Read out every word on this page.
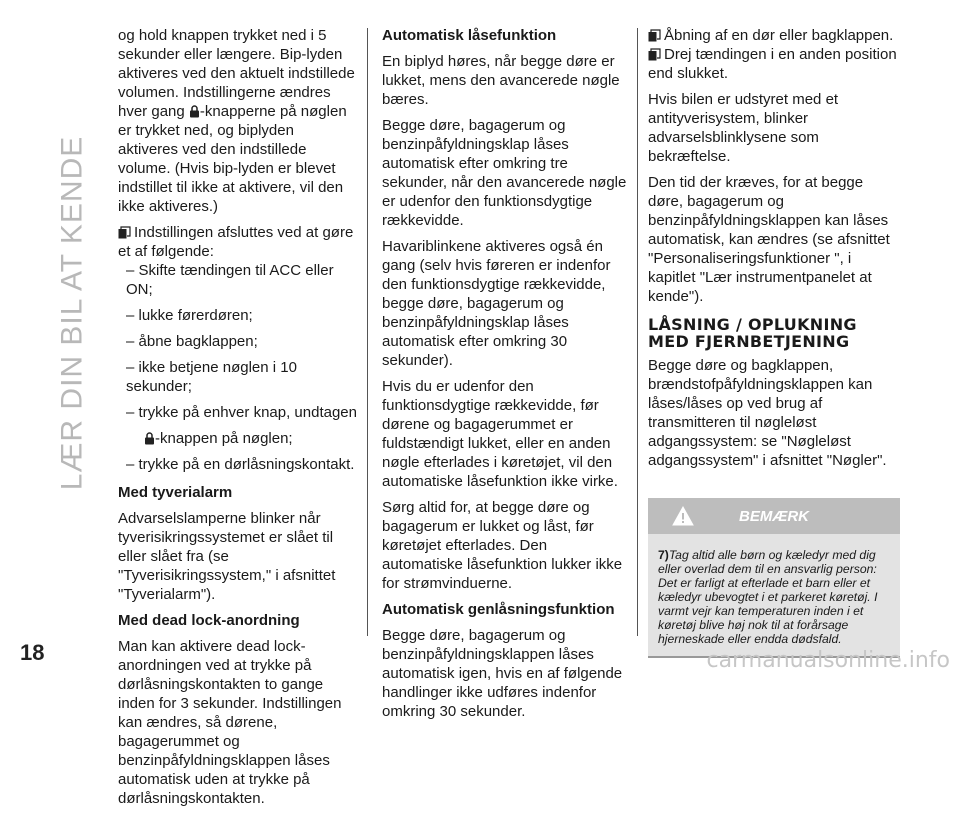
LÆR DIN BIL AT KENDE

og hold knappen trykket ned i 5 sekunder eller længere. Bip-lyden aktiveres ved den aktuelt indstillede volumen. Indstillingerne ændres hver gang -knapperne på nøglen er trykket ned, og biplyden aktiveres ved den indstillede volume. (Hvis bip-lyden er blevet indstillet til ikke at aktivere, vil den ikke aktiveres.)

Indstillingen afsluttes ved at gøre et af følgende:

– Skifte tændingen til ACC eller ON;

– lukke førerdøren;

– åbne bagklappen;

– ikke betjene nøglen i 10 sekunder;

– trykke på enhver knap, undtagen

-knappen på nøglen;

– trykke på en dørlåsningskontakt.

Med tyverialarm

Advarselslamperne blinker når tyverisikringssystemet er slået til eller slået fra (se "Tyverisikringssystem," i afsnittet "Tyverialarm").

Med dead lock-anordning

Man kan aktivere dead lock-anordningen ved at trykke på dørlåsningskontakten to gange inden for 3 sekunder. Indstillingen kan ændres, så dørene, bagagerummet og benzinpåfyldningsklappen låses automatisk uden at trykke på dørlåsningskontakten.

Automatisk låsefunktion

En biplyd høres, når begge døre er lukket, mens den avancerede nøgle bæres.

Begge døre, bagagerum og benzinpåfyldningsklap låses automatisk efter omkring tre sekunder, når den avancerede nøgle er udenfor den funktionsdygtige rækkevidde.

Havariblinkene aktiveres også én gang (selv hvis føreren er indenfor den funktionsdygtige rækkevidde, begge døre, bagagerum og benzinpåfyldningsklap låses automatisk efter omkring 30 sekunder).

Hvis du er udenfor den funktionsdygtige rækkevidde, før dørene og bagagerummet er fuldstændigt lukket, eller en anden nøgle efterlades i køretøjet, vil den automatiske låsefunktion ikke virke.

Sørg altid for, at begge døre og bagagerum er lukket og låst, før køretøjet efterlades. Den automatiske låsefunktion lukker ikke for strømvinduerne.

Automatisk genlåsningsfunktion

Begge døre, bagagerum og benzinpåfyldningsklappen låses automatisk igen, hvis en af følgende handlinger ikke udføres indenfor omkring 30 sekunder.

Åbning af en dør eller bagklappen.

Drej tændingen i en anden position end slukket.

Hvis bilen er udstyret med et antityverisystem, blinker advarselsblinklysene som bekræftelse.

Den tid der kræves, for at begge døre, bagagerum og benzinpåfyldningsklappen kan låses automatisk, kan ændres (se afsnittet "Personaliseringsfunktioner ", i kapitlet "Lær instrumentpanelet at kende").

LÅSNING / OPLUKNING MED FJERNBETJENING

Begge døre og bagklappen, brændstofpåfyldningsklappen kan låses/låses op ved brug af transmitteren til nøgleløst adgangssystem: se "Nøgleløst adgangssystem" i afsnittet "Nøgler".

BEMÆRK
7)Tag altid alle børn og kæledyr med dig eller overlad dem til en ansvarlig person: Det er farligt at efterlade et barn eller et kæledyr ubevogtet i et parkeret køretøj. I varmt vejr kan temperaturen inden i et køretøj blive høj nok til at forårsage hjerneskade eller endda dødsfald.
18	carmanualsonline.info
